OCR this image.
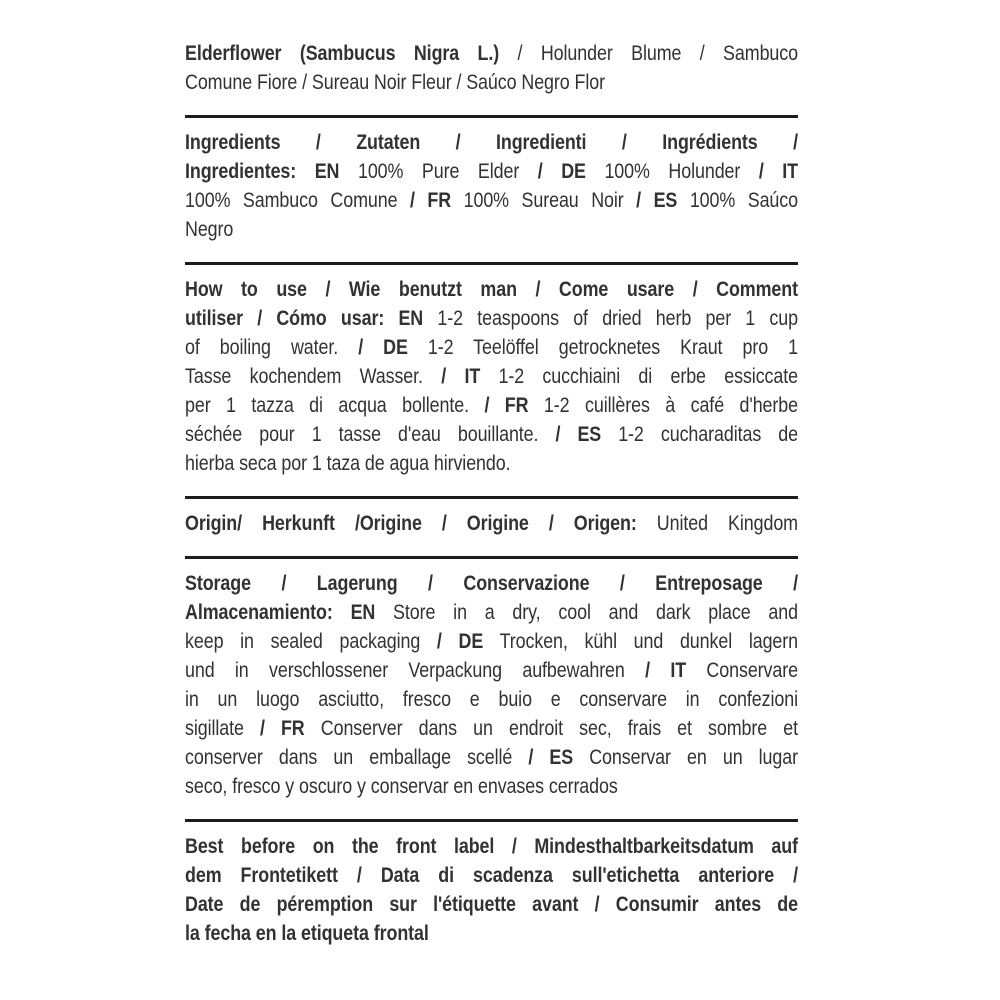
Elderflower (Sambucus Nigra L.) / Holunder Blume / Sambuco
Comune Fiore / Sureau Noir Fleur / Saúco Negro Flor
Ingredients / Zutaten / Ingredienti / Ingrédients /
Ingredientes: EN 100% Pure Elder / DE 100% Holunder / IT
100% Sambuco Comune / FR 100% Sureau Noir / ES 100% Saúco
Negro
How to use / Wie benutzt man / Come usare / Comment
utiliser / Cómo usar: EN 1-2 teaspoons of dried herb per 1 cup
of boiling water. / DE 1-2 Teelöffel getrocknetes Kraut pro 1
Tasse kochendem Wasser. / IT 1-2 cucchiaini di erbe essiccate
per 1 tazza di acqua bollente. / FR 1-2 cuillères à café d'herbe
séchée pour 1 tasse d'eau bouillante. / ES 1-2 cucharaditas de
hierba seca por 1 taza de agua hirviendo.
Origin/ Herkunft /Origine / Origine / Origen: United Kingdom
Storage / Lagerung / Conservazione / Entreposage /
Almacenamiento: EN Store in a dry, cool and dark place and
keep in sealed packaging / DE Trocken, kühl und dunkel lagern
und in verschlossener Verpackung aufbewahren / IT Conservare
in un luogo asciutto, fresco e buio e conservare in confezioni
sigillate / FR Conserver dans un endroit sec, frais et sombre et
conserver dans un emballage scellé / ES Conservar en un lugar
seco, fresco y oscuro y conservar en envases cerrados
Best before on the front label / Mindesthaltbarkeitsdatum auf
dem Frontetikett / Data di scadenza sull'etichetta anteriore /
Date de péremption sur l'étiquette avant / Consumir antes de
la fecha en la etiqueta frontal
